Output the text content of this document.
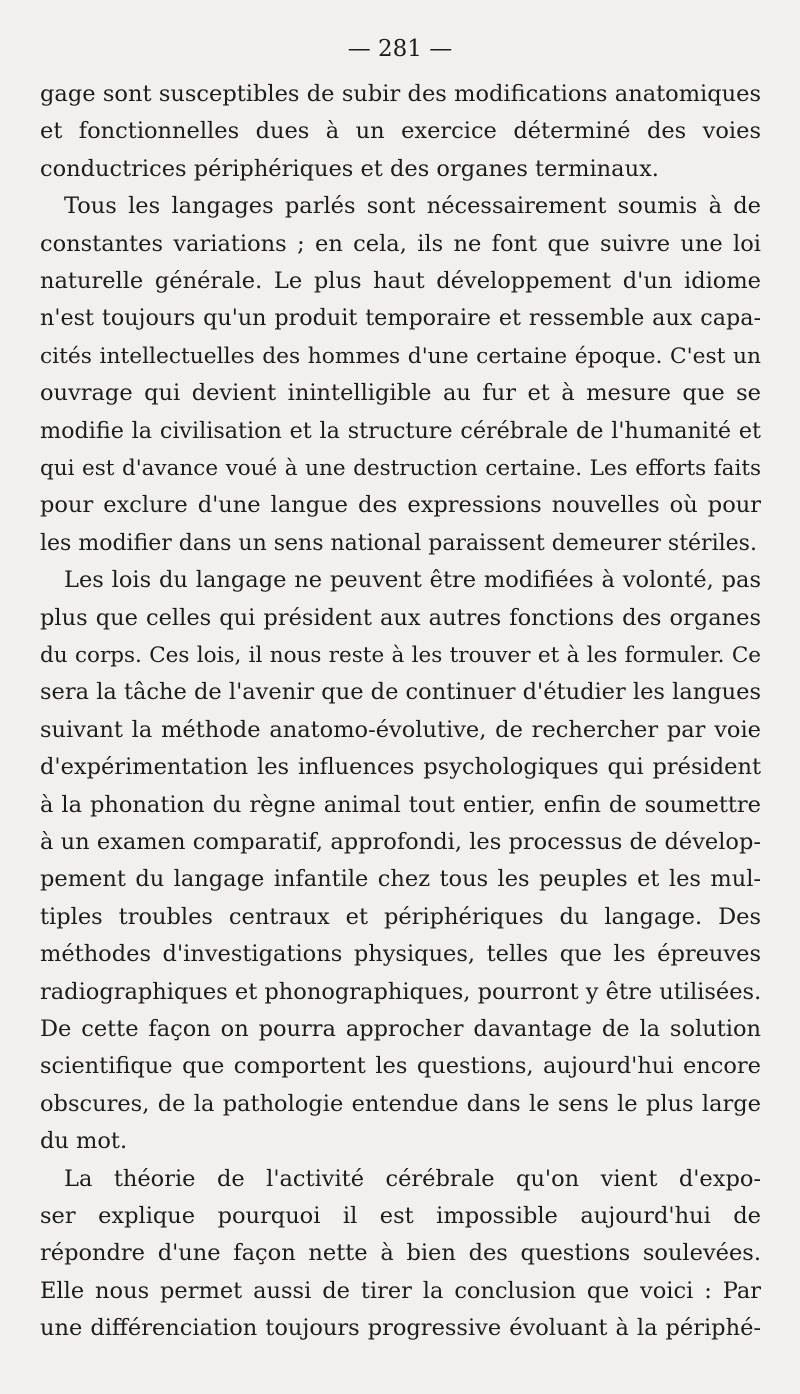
— 281 —
gage sont susceptibles de subir des modifications anatomiques
et fonctionnelles dues à un exercice déterminé des voies
conductrices périphériques et des organes terminaux.
Tous les langages parlés sont nécessairement soumis à de
constantes variations ; en cela, ils ne font que suivre une loi
naturelle générale. Le plus haut développement d'un idiome
n'est toujours qu'un produit temporaire et ressemble aux capa-
cités intellectuelles des hommes d'une certaine époque. C'est un
ouvrage qui devient inintelligible au fur et à mesure que se
modifie la civilisation et la structure cérébrale de l'humanité et
qui est d'avance voué à une destruction certaine. Les efforts faits
pour exclure d'une langue des expressions nouvelles où pour
les modifier dans un sens national paraissent demeurer stériles.
Les lois du langage ne peuvent être modifiées à volonté, pas
plus que celles qui président aux autres fonctions des organes
du corps. Ces lois, il nous reste à les trouver et à les formuler. Ce
sera la tâche de l'avenir que de continuer d'étudier les langues
suivant la méthode anatomo-évolutive, de rechercher par voie
d'expérimentation les influences psychologiques qui président
à la phonation du règne animal tout entier, enfin de soumettre
à un examen comparatif, approfondi, les processus de dévelop-
pement du langage infantile chez tous les peuples et les mul-
tiples troubles centraux et périphériques du langage. Des
méthodes d'investigations physiques, telles que les épreuves
radiographiques et phonographiques, pourront y être utilisées.
De cette façon on pourra approcher davantage de la solution
scientifique que comportent les questions, aujourd'hui encore
obscures, de la pathologie entendue dans le sens le plus large
du mot.
La théorie de l'activité cérébrale qu'on vient d'expo-
ser explique pourquoi il est impossible aujourd'hui de
répondre d'une façon nette à bien des questions soulevées.
Elle nous permet aussi de tirer la conclusion que voici : Par
une différenciation toujours progressive évoluant à la périphé-
